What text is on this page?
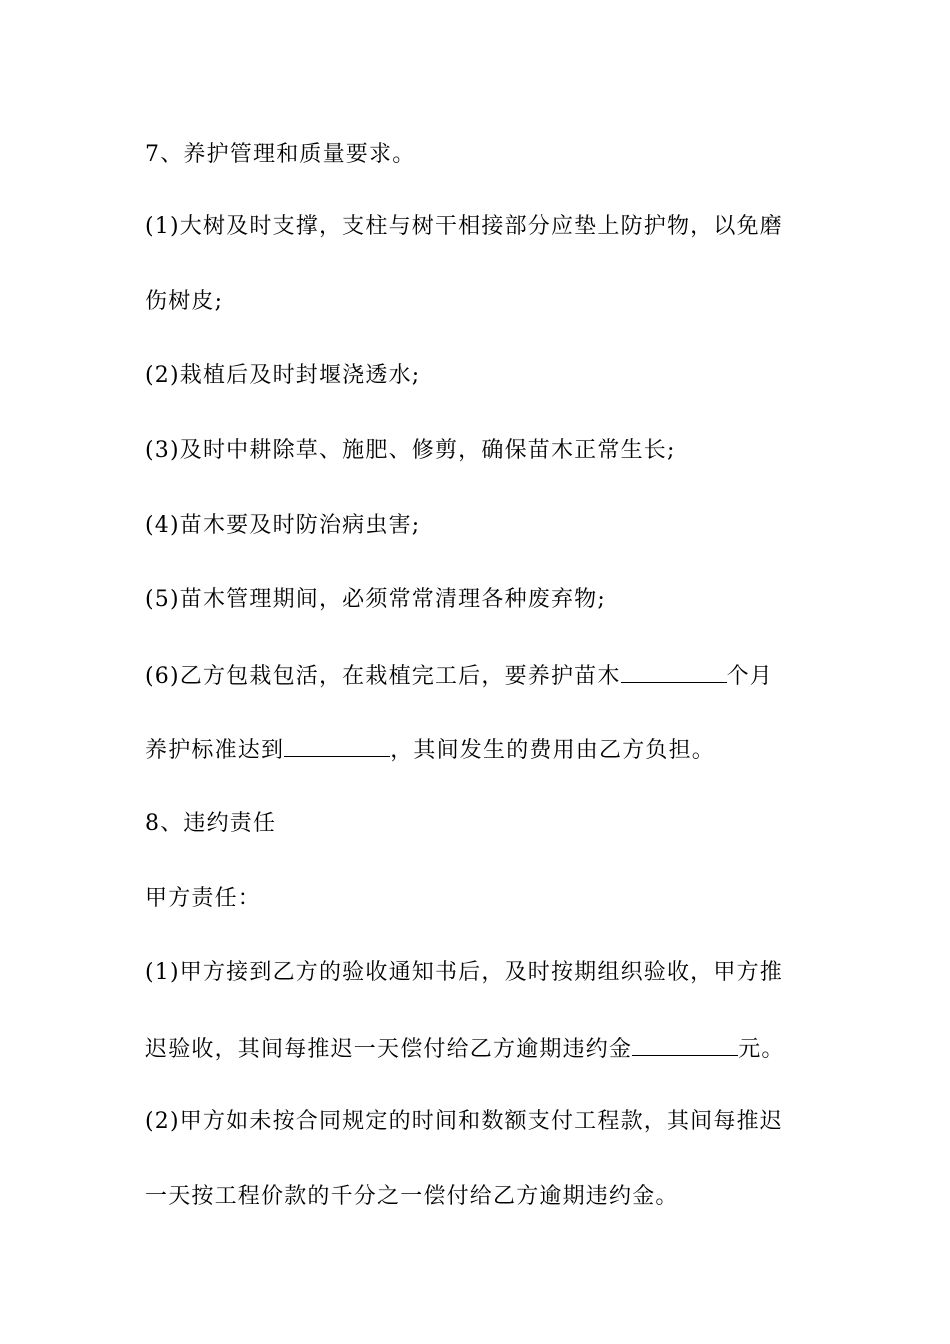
7、养护管理和质量要求。
(1)大树及时支撑，支柱与树干相接部分应垫上防护物，以免磨
伤树皮;
(2)栽植后及时封堰浇透水;
(3)及时中耕除草、施肥、修剪，确保苗木正常生长;
(4)苗木要及时防治病虫害;
(5)苗木管理期间，必须常常清理各种废弃物;
(6)乙方包栽包活，在栽植完工后，要养护苗木	个月
养护标准达到	，其间发生的费用由乙方负担。
8、违约责任
甲方责任：
(1)甲方接到乙方的验收通知书后，及时按期组织验收，甲方推
迟验收，其间每推迟一天偿付给乙方逾期违约金	元。
(2)甲方如未按合同规定的时间和数额支付工程款，其间每推迟
一天按工程价款的千分之一偿付给乙方逾期违约金。
